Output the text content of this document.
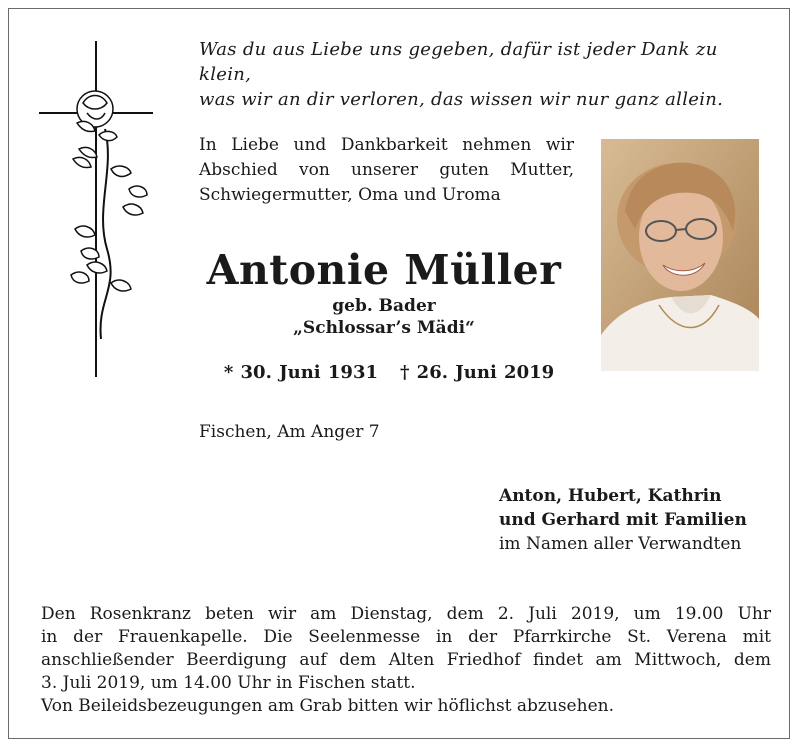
Was du aus Liebe uns gegeben, dafür ist jeder Dank zu klein,
was wir an dir verloren, das wissen wir nur ganz allein.
In Liebe und Dankbarkeit nehmen wir
Abschied von unserer guten Mutter,
Schwiegermutter, Oma und Uroma
Antonie Müller
geb. Bader
„Schlossar’s Mädi“
* 30. Juni 1931 † 26. Juni 2019
Fischen, Am Anger 7
Anton, Hubert, Kathrin
und Gerhard mit Familien
im Namen aller Verwandten
Den Rosenkranz beten wir am Dienstag, dem 2. Juli 2019, um 19.00 Uhr
in der Frauenkapelle. Die Seelenmesse in der Pfarrkirche St. Verena mit
anschließender Beerdigung auf dem Alten Friedhof findet am Mittwoch, dem
3. Juli 2019, um 14.00 Uhr in Fischen statt.
Von Beileidsbezeugungen am Grab bitten wir höflichst abzusehen.
